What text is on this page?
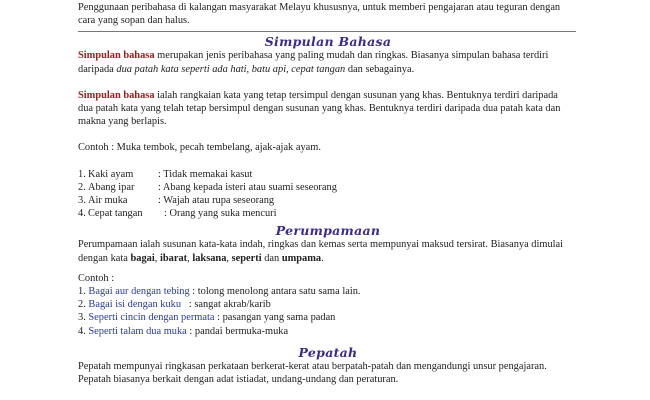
Penggunaan peribahasa di kalangan masyarakat Melayu khususnya, untuk memberi pengajaran atau teguran dengan
cara yang sopan dan halus.

Simpulan Bahasa

Simpulan bahasa merupakan jenis peribahasa yang paling mudah dan ringkas. Biasanya simpulan bahasa terdiri
daripada dua patah kata seperti ada hati, batu api, cepat tangan dan sebagainya.

Simpulan bahasa ialah rangkaian kata yang tetap tersimpul dengan susunan yang khas. Bentuknya terdiri daripada
dua patah kata yang telah tetap bersimpul dengan susunan yang khas. Bentuknya terdiri daripada dua patah kata dan
makna yang berlapis.

Contoh : Muka tembok, pecah tembelang, ajak-ajak ayam.

1. Kaki ayam	: Tidak memakai kasut
2. Abang ipar	: Abang kepada isteri atau suami seseorang
3. Air muka	: Wajah atau rupa seseorang
4. Cepat tangan	: Orang yang suka mencuri
Perumpamaan

Perumpamaan ialah susunan kata-kata indah, ringkas dan kemas serta mempunyai maksud tersirat. Biasanya dimulai
dengan kata bagai, ibarat, laksana, seperti dan umpama.

Contoh :

1.
Bagai aur dengan tebing : tolong menolong antara satu sama lain.
2.
Bagai isi dengan kuku : sangat akrab/karib
3.
Seperti cincin dengan permata : pasangan yang sama padan
4.
Seperti talam dua muka : pandai bermuka-muka
Pepatah

Pepatah mempunyai ringkasan perkataan berkerat-kerat atau berpatah-patah dan mengandungi unsur pengajaran.
Pepatah biasanya berkait dengan adat istiadat, undang-undang dan peraturan.
